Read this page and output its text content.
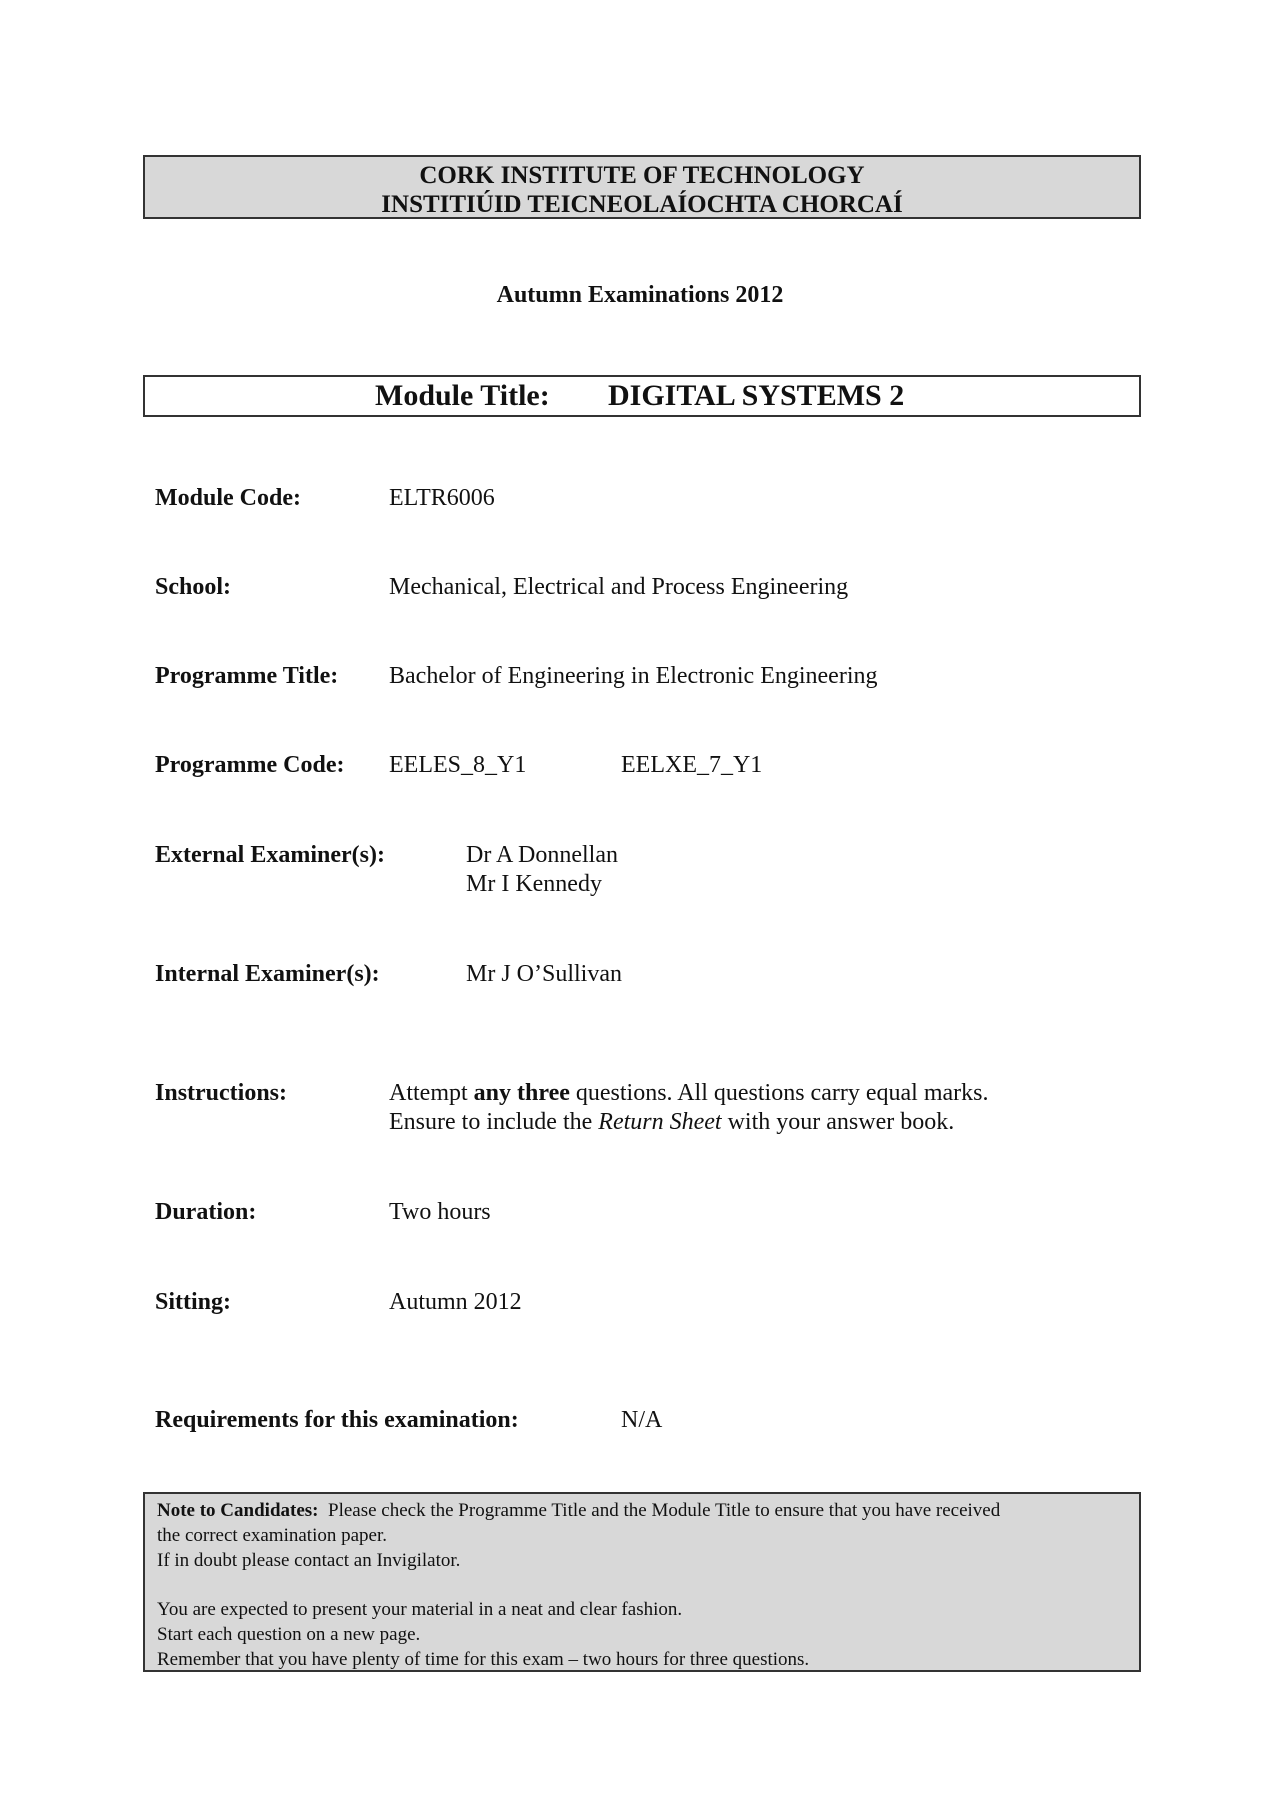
CORK INSTITUTE OF TECHNOLOGY
INSTITIÚID TEICNEOLAÍOCHTA CHORCAÍ
Autumn Examinations 2012
Module Title: DIGITAL SYSTEMS 2
Module Code:	ELTR6006
School:	Mechanical, Electrical and Process Engineering
Programme Title: Bachelor of Engineering in Electronic Engineering
Programme Code: EELES_8_Y1	EELXE_7_Y1
External Examiner(s):	Dr A Donnellan
Mr I Kennedy
Internal Examiner(s):	Mr J O’Sullivan
Instructions:	Attempt any three questions. All questions carry equal marks.
Ensure to include the Return Sheet with your answer book.
Duration:	Two hours
Sitting:	Autumn 2012
Requirements for this examination:	N/A
Note to Candidates: Please check the Programme Title and the Module Title to ensure that you have received
the correct examination paper.
If in doubt please contact an Invigilator.
You are expected to present your material in a neat and clear fashion.
Start each question on a new page.
Remember that you have plenty of time for this exam – two hours for three questions.
